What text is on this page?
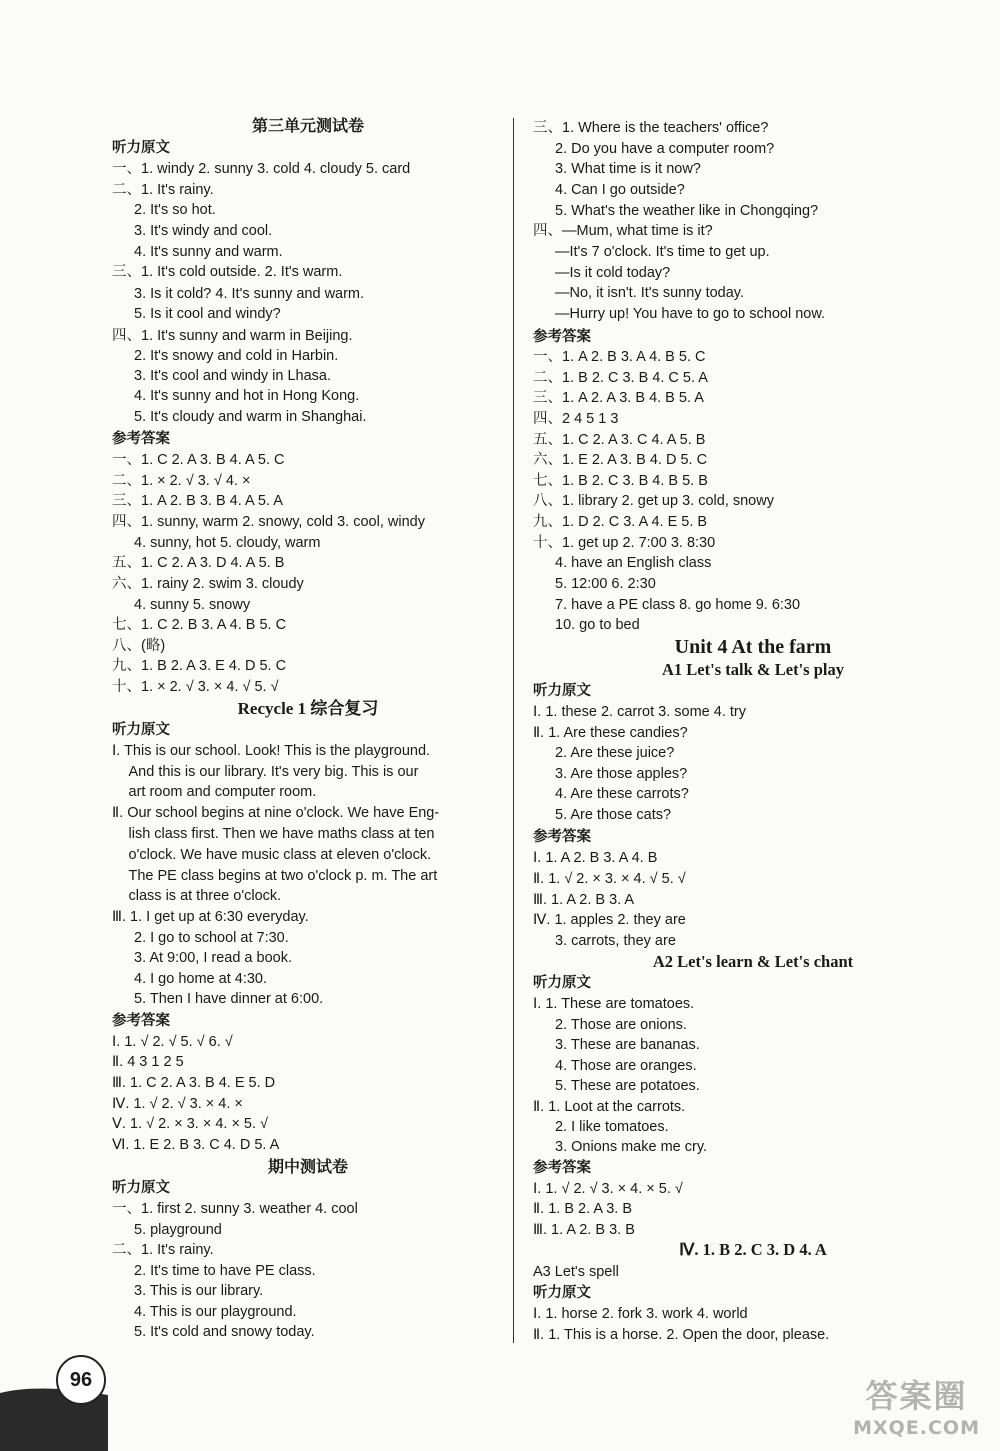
第三单元测试卷
听力原文
一、1. windy 2. sunny 3. cold 4. cloudy 5. card
二、1. It's rainy.
2. It's so hot.
3. It's windy and cool.
4. It's sunny and warm.
三、1. It's cold outside. 2. It's warm.
3. Is it cold? 4. It's sunny and warm.
5. Is it cool and windy?
四、1. It's sunny and warm in Beijing.
2. It's snowy and cold in Harbin.
3. It's cool and windy in Lhasa.
4. It's sunny and hot in Hong Kong.
5. It's cloudy and warm in Shanghai.
参考答案
一、1. C 2. A 3. B 4. A 5. C
二、1. × 2. √ 3. √ 4. ×
三、1. A 2. B 3. B 4. A 5. A
四、1. sunny, warm 2. snowy, cold 3. cool, windy
4. sunny, hot 5. cloudy, warm
五、1. C 2. A 3. D 4. A 5. B
六、1. rainy 2. swim 3. cloudy
4. sunny 5. snowy
七、1. C 2. B 3. A 4. B 5. C
八、(略)
九、1. B 2. A 3. E 4. D 5. C
十、1. × 2. √ 3. × 4. √ 5. √
Recycle 1 综合复习
听力原文
Ⅰ. This is our school. Look! This is the playground.
And this is our library. It's very big. This is our
art room and computer room.
Ⅱ. Our school begins at nine o'clock. We have Eng-
lish class first. Then we have maths class at ten
o'clock. We have music class at eleven o'clock.
The PE class begins at two o'clock p. m. The art
class is at three o'clock.
Ⅲ. 1. I get up at 6:30 everyday.
2. I go to school at 7:30.
3. At 9:00, I read a book.
4. I go home at 4:30.
5. Then I have dinner at 6:00.
参考答案
Ⅰ. 1. √ 2. √ 5. √ 6. √
Ⅱ. 4 3 1 2 5
Ⅲ. 1. C 2. A 3. B 4. E 5. D
Ⅳ. 1. √ 2. √ 3. × 4. ×
Ⅴ. 1. √ 2. × 3. × 4. × 5. √
Ⅵ. 1. E 2. B 3. C 4. D 5. A
期中测试卷
听力原文
一、1. first 2. sunny 3. weather 4. cool
5. playground
二、1. It's rainy.
2. It's time to have PE class.
3. This is our library.
4. This is our playground.
5. It's cold and snowy today.
三、1. Where is the teachers' office?
2. Do you have a computer room?
3. What time is it now?
4. Can I go outside?
5. What's the weather like in Chongqing?
四、—Mum, what time is it?
—It's 7 o'clock. It's time to get up.
—Is it cold today?
—No, it isn't. It's sunny today.
—Hurry up! You have to go to school now.
参考答案
一、1. A 2. B 3. A 4. B 5. C
二、1. B 2. C 3. B 4. C 5. A
三、1. A 2. A 3. B 4. B 5. A
四、2 4 5 1 3
五、1. C 2. A 3. C 4. A 5. B
六、1. E 2. A 3. B 4. D 5. C
七、1. B 2. C 3. B 4. B 5. B
八、1. library 2. get up 3. cold, snowy
九、1. D 2. C 3. A 4. E 5. B
十、1. get up 2. 7:00 3. 8:30
4. have an English class
5. 12:00 6. 2:30
7. have a PE class 8. go home 9. 6:30
10. go to bed
Unit 4 At the farm
A1 Let's talk & Let's play
听力原文
Ⅰ. 1. these 2. carrot 3. some 4. try
Ⅱ. 1. Are these candies?
2. Are these juice?
3. Are those apples?
4. Are these carrots?
5. Are those cats?
参考答案
Ⅰ. 1. A 2. B 3. A 4. B
Ⅱ. 1. √ 2. × 3. × 4. √ 5. √
Ⅲ. 1. A 2. B 3. A
Ⅳ. 1. apples 2. they are
3. carrots, they are
A2 Let's learn & Let's chant
听力原文
Ⅰ. 1. These are tomatoes.
2. Those are onions.
3. These are bananas.
4. Those are oranges.
5. These are potatoes.
Ⅱ. 1. Loot at the carrots.
2. I like tomatoes.
3. Onions make me cry.
参考答案
Ⅰ. 1. √ 2. √ 3. × 4. × 5. √
Ⅱ. 1. B 2. A 3. B
Ⅲ. 1. A 2. B 3. B
Ⅳ. 1. B 2. C 3. D 4. A
A3 Let's spell
听力原文
Ⅰ. 1. horse 2. fork 3. work 4. world
Ⅱ. 1. This is a horse. 2. Open the door, please.
96	答案圈
MXQE.COM
